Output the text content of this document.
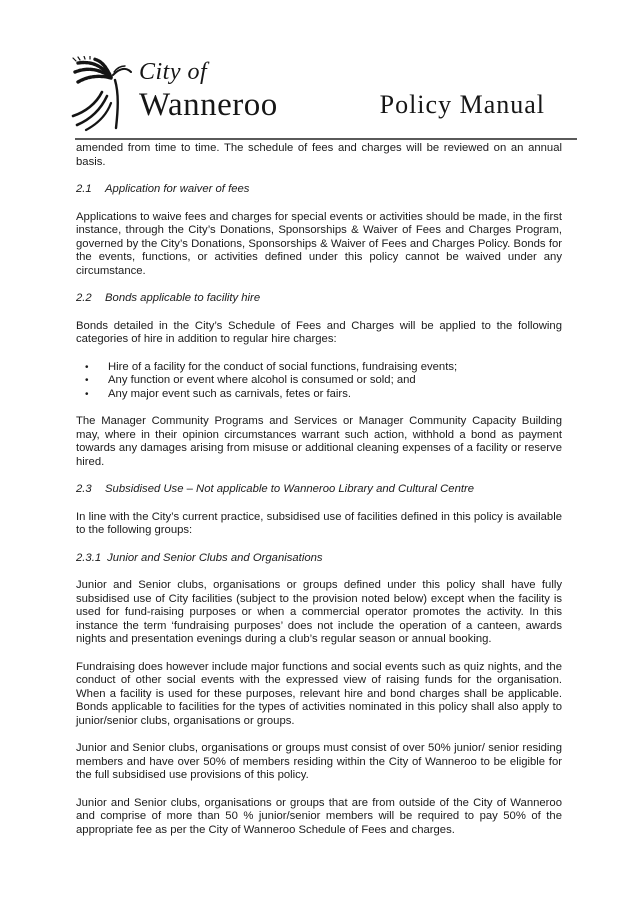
City of
Wanneroo	Policy Manual

amended from time to time. The schedule of fees and charges will be reviewed on an annual basis.

2.1	Application for waiver of fees

Applications to waive fees and charges for special events or activities should be made, in the first instance, through the City’s Donations, Sponsorships & Waiver of Fees and Charges Program, governed by the City’s Donations, Sponsorships & Waiver of Fees and Charges Policy. Bonds for the events, functions, or activities defined under this policy cannot be waived under any circumstance.

2.2	Bonds applicable to facility hire

Bonds detailed in the City’s Schedule of Fees and Charges will be applied to the following categories of hire in addition to regular hire charges:

•	Hire of a facility for the conduct of social functions, fundraising events;
•	Any function or event where alcohol is consumed or sold; and
•	Any major event such as carnivals, fetes or fairs.

The Manager Community Programs and Services or Manager Community Capacity Building may, where in their opinion circumstances warrant such action, withhold a bond as payment towards any damages arising from misuse or additional cleaning expenses of a facility or reserve hired.

2.3	Subsidised Use – Not applicable to Wanneroo Library and Cultural Centre

In line with the City’s current practice, subsidised use of facilities defined in this policy is available to the following groups:

2.3.1 Junior and Senior Clubs and Organisations

Junior and Senior clubs, organisations or groups defined under this policy shall have fully subsidised use of City facilities (subject to the provision noted below) except when the facility is used for fund-raising purposes or when a commercial operator promotes the activity. In this instance the term ‘fundraising purposes’ does not include the operation of a canteen, awards nights and presentation evenings during a club’s regular season or annual booking.

Fundraising does however include major functions and social events such as quiz nights, and the conduct of other social events with the expressed view of raising funds for the organisation. When a facility is used for these purposes, relevant hire and bond charges shall be applicable. Bonds applicable to facilities for the types of activities nominated in this policy shall also apply to junior/senior clubs, organisations or groups.

Junior and Senior clubs, organisations or groups must consist of over 50% junior/ senior residing members and have over 50% of members residing within the City of Wanneroo to be eligible for the full subsidised use provisions of this policy.

Junior and Senior clubs, organisations or groups that are from outside of the City of Wanneroo and comprise of more than 50 % junior/senior members will be required to pay 50% of the appropriate fee as per the City of Wanneroo Schedule of Fees and charges.
